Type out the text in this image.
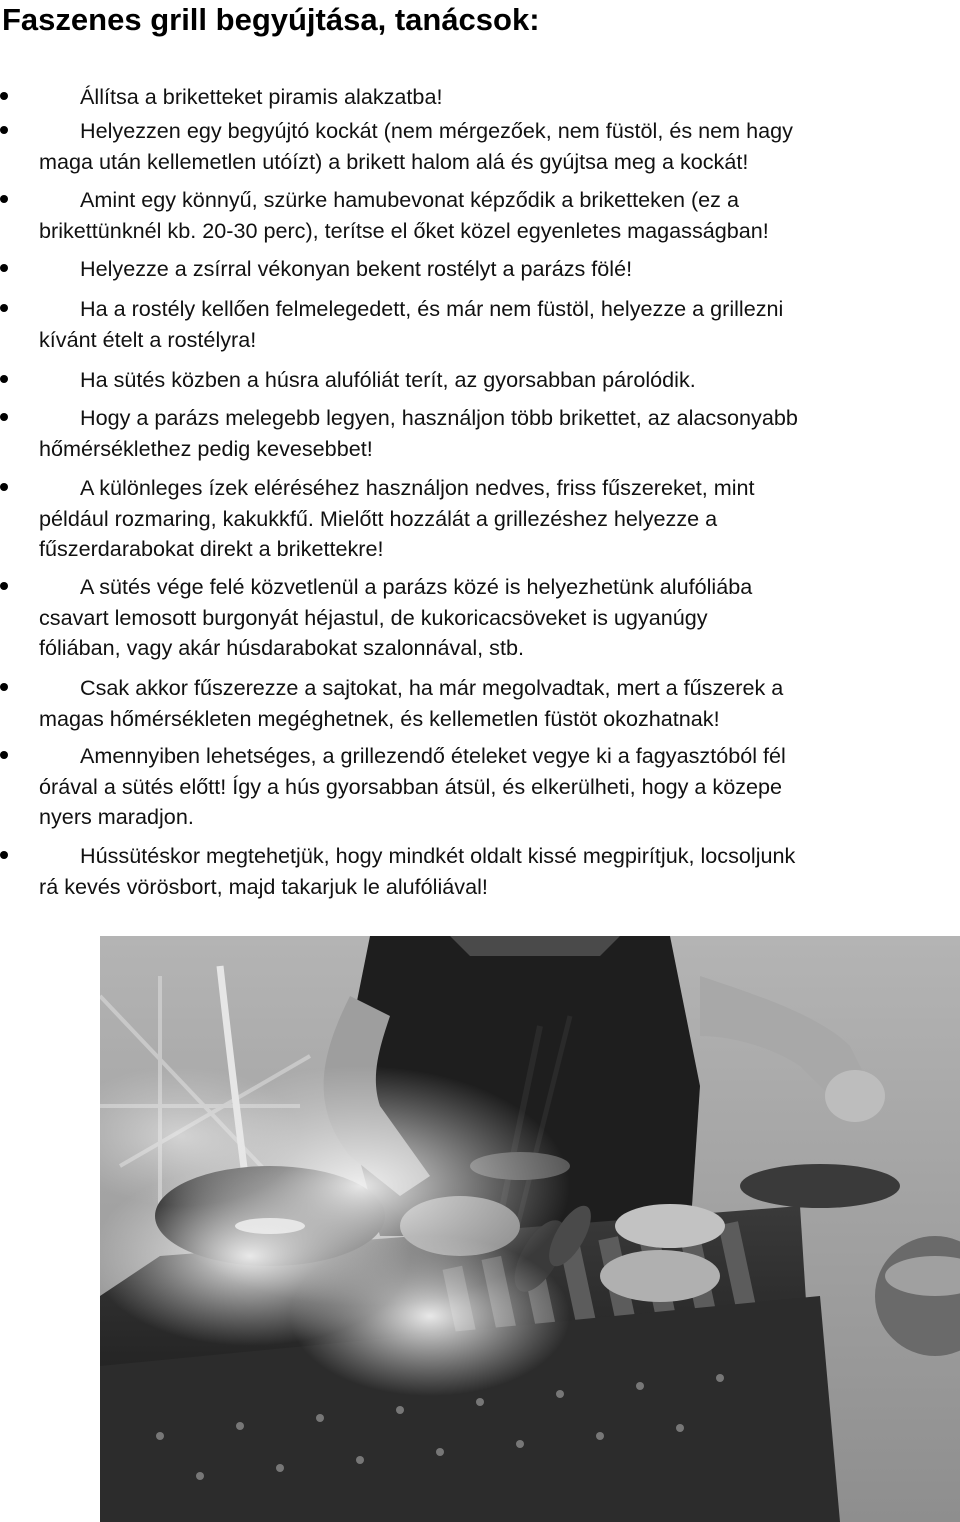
Faszenes grill begyújtása, tanácsok:

Állítsa a briketteket piramis alakzatba!

Helyezzen egy begyújtó kockát (nem mérgezőek, nem füstöl, és nem hagy
maga után kellemetlen utóízt) a brikett halom alá és gyújtsa meg a kockát!

Amint egy könnyű, szürke hamubevonat képződik a briketteken (ez a
brikettünknél kb. 20-30 perc), terítse el őket közel egyenletes magasságban!

Helyezze a zsírral vékonyan bekent rostélyt a parázs fölé!

Ha a rostély kellően felmelegedett, és már nem füstöl, helyezze a grillezni
kívánt ételt a rostélyra!

Ha sütés közben a húsra alufóliát terít, az gyorsabban párolódik.

Hogy a parázs melegebb legyen, használjon több brikettet, az alacsonyabb
hőmérséklethez pedig kevesebbet!

A különleges ízek eléréséhez használjon nedves, friss fűszereket, mint
például rozmaring, kakukkfű. Mielőtt hozzálát a grillezéshez helyezze a
fűszerdarabokat direkt a brikettekre!

A sütés vége felé közvetlenül a parázs közé is helyezhetünk alufóliába
csavart lemosott burgonyát héjastul, de kukoricacsöveket is ugyanúgy
fóliában, vagy akár húsdarabokat szalonnával, stb.

Csak akkor fűszerezze a sajtokat, ha már megolvadtak, mert a fűszerek a
magas hőmérsékleten megéghetnek, és kellemetlen füstöt okozhatnak!

Amennyiben lehetséges, a grillezendő ételeket vegye ki a fagyasztóból fél
órával a sütés előtt! Így a hús gyorsabban átsül, és elkerülheti, hogy a közepe
nyers maradjon.

Hússütéskor megtehetjük, hogy mindkét oldalt kissé megpirítjuk, locsoljunk
rá kevés vörösbort, majd takarjuk le alufóliával!
